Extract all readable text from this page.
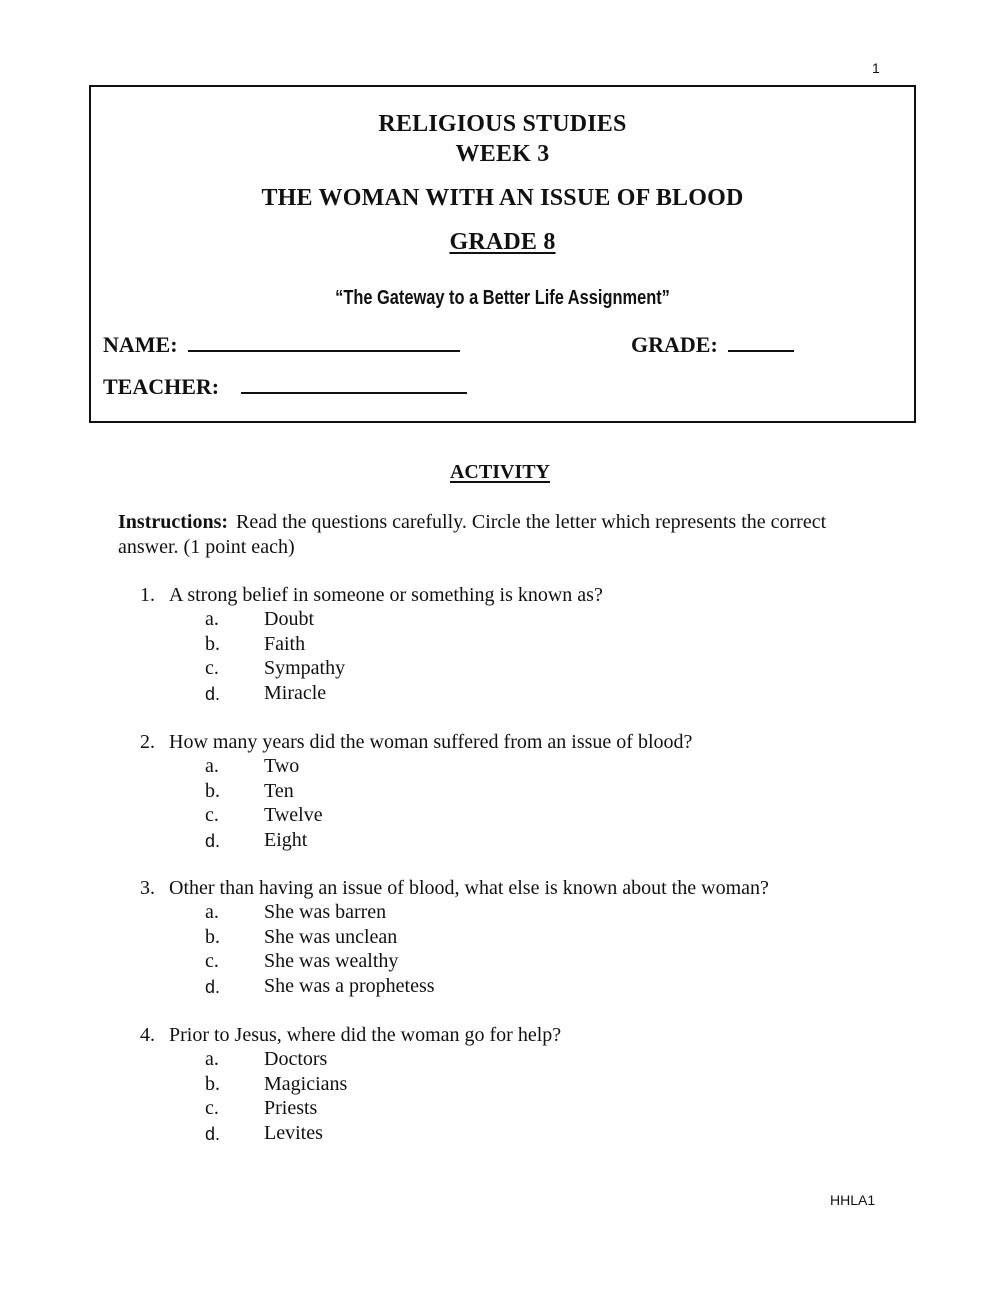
1
RELIGIOUS STUDIES
WEEK 3
THE WOMAN WITH AN ISSUE OF BLOOD
GRADE 8
“The Gateway to a Better Life Assignment”
NAME:	GRADE:
TEACHER:
ACTIVITY
Instructions: Read the questions carefully. Circle the letter which represents the correct answer. (1 point each)
1. A strong belief in someone or something is known as?
a. Doubt
b. Faith
c. Sympathy
d. Miracle
2. How many years did the woman suffered from an issue of blood?
a. Two
b. Ten
c. Twelve
d. Eight
3. Other than having an issue of blood, what else is known about the woman?
a. She was barren
b. She was unclean
c. She was wealthy
d. She was a prophetess
4. Prior to Jesus, where did the woman go for help?
a. Doctors
b. Magicians
c. Priests
d. Levites
HHLA1
